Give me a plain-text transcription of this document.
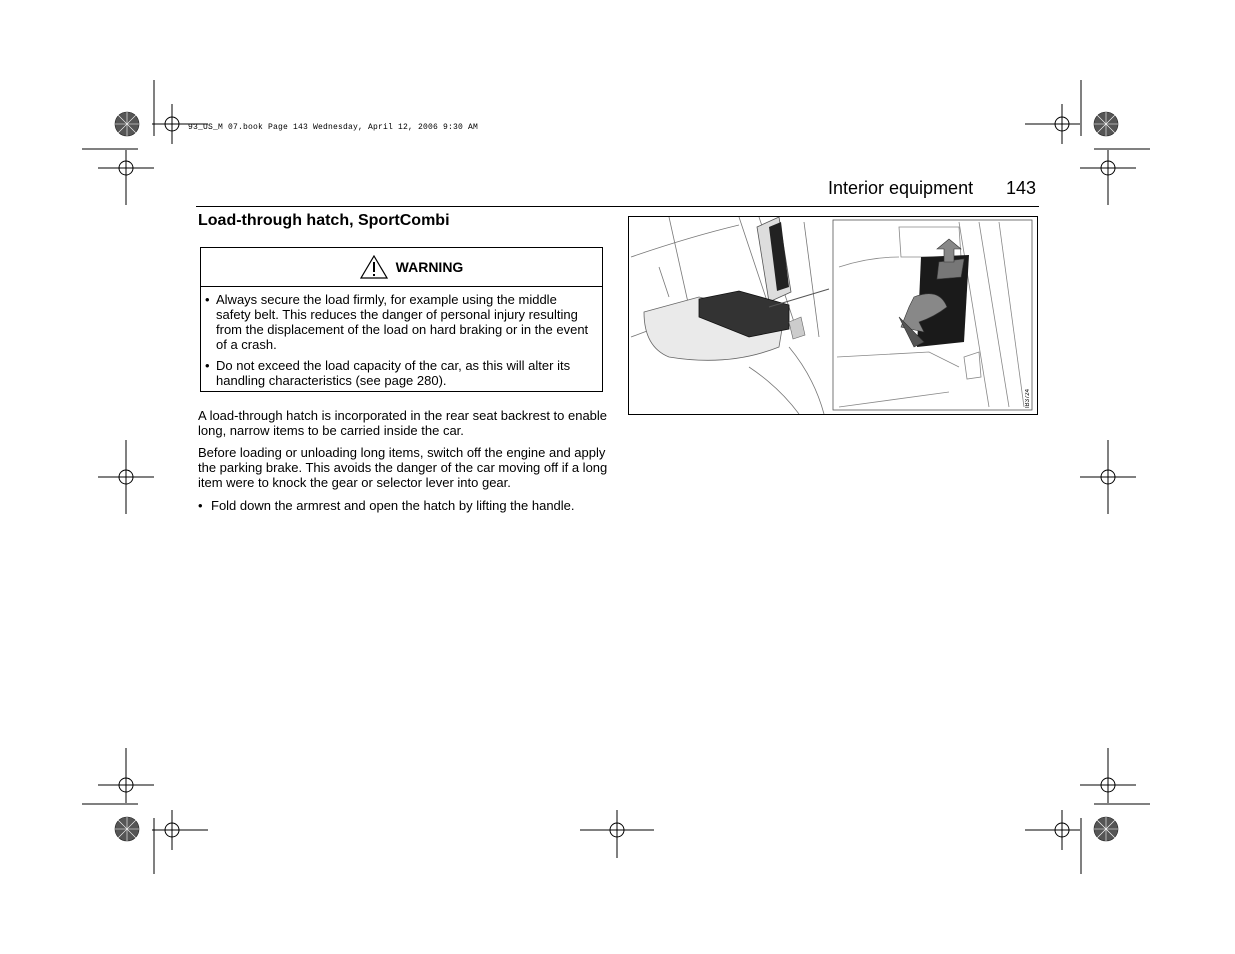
93_US_M 07.book Page 143 Wednesday, April 12, 2006 9:30 AM
Interior equipment 143
Load-through hatch, SportCombi
WARNING
• Always secure the load firmly, for example using the middle safety belt. This reduces the danger of personal injury resulting from the displacement of the load on hard braking or in the event of a crash.
• Do not exceed the load capacity of the car, as this will alter its handling characteristics (see page 280).
A load-through hatch is incorporated in the rear seat backrest to enable long, narrow items to be carried inside the car.
Before loading or unloading long items, switch off the engine and apply the parking brake. This avoids the danger of the car moving off if a long item were to knock the gear or selector lever into gear.
• Fold down the armrest and open the hatch by lifting the handle.
IB3724
